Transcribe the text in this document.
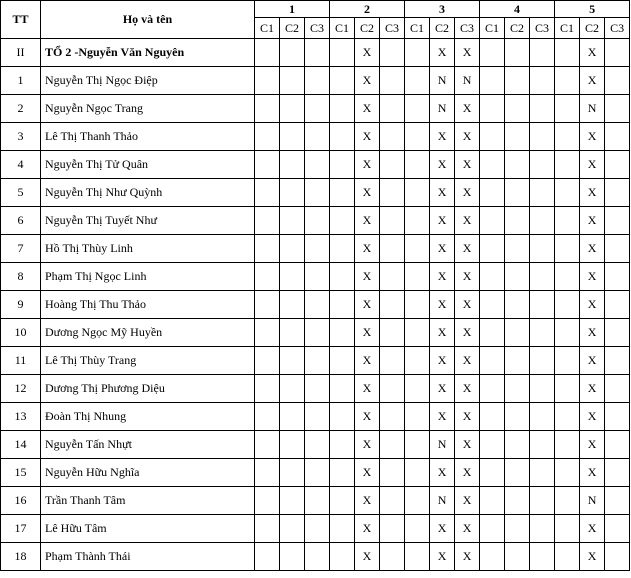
TT	Họ và tên	1			2			3			4			5		
		C1	C2	C3	C1	C2	C3	C1	C2	C3	C1	C2	C3	C1	C2	C3
II	TỔ 2 -Nguyễn Văn Nguyên					X			X	X					X	
1	Nguyễn Thị Ngọc Điệp					X			N	N					X	
2	Nguyễn Ngọc Trang					X			N	X					N	
3	Lê Thị Thanh Thảo					X			X	X					X	
4	Nguyễn Thị Tử Quân					X			X	X					X	
5	Nguyễn Thị Như Quỳnh					X			X	X					X	
6	Nguyễn Thị Tuyết Như					X			X	X					X	
7	Hồ Thị Thùy Linh					X			X	X					X	
8	Phạm Thị Ngọc Linh					X			X	X					X	
9	Hoàng Thị Thu Thảo					X			X	X					X	
10	Dương Ngọc Mỹ Huyền					X			X	X					X	
11	Lê Thị Thùy Trang					X			X	X					X	
12	Dương Thị Phương Diệu					X			X	X					X	
13	Đoàn Thị Nhung					X			X	X					X	
14	Nguyễn Tấn Nhựt					X			N	X					X	
15	Nguyễn Hữu Nghĩa					X			X	X					X	
16	Trần Thanh Tâm					X			N	X					N	
17	Lê Hữu Tâm					X			X	X					X	
18	Phạm Thành Thái					X			X	X					X	
